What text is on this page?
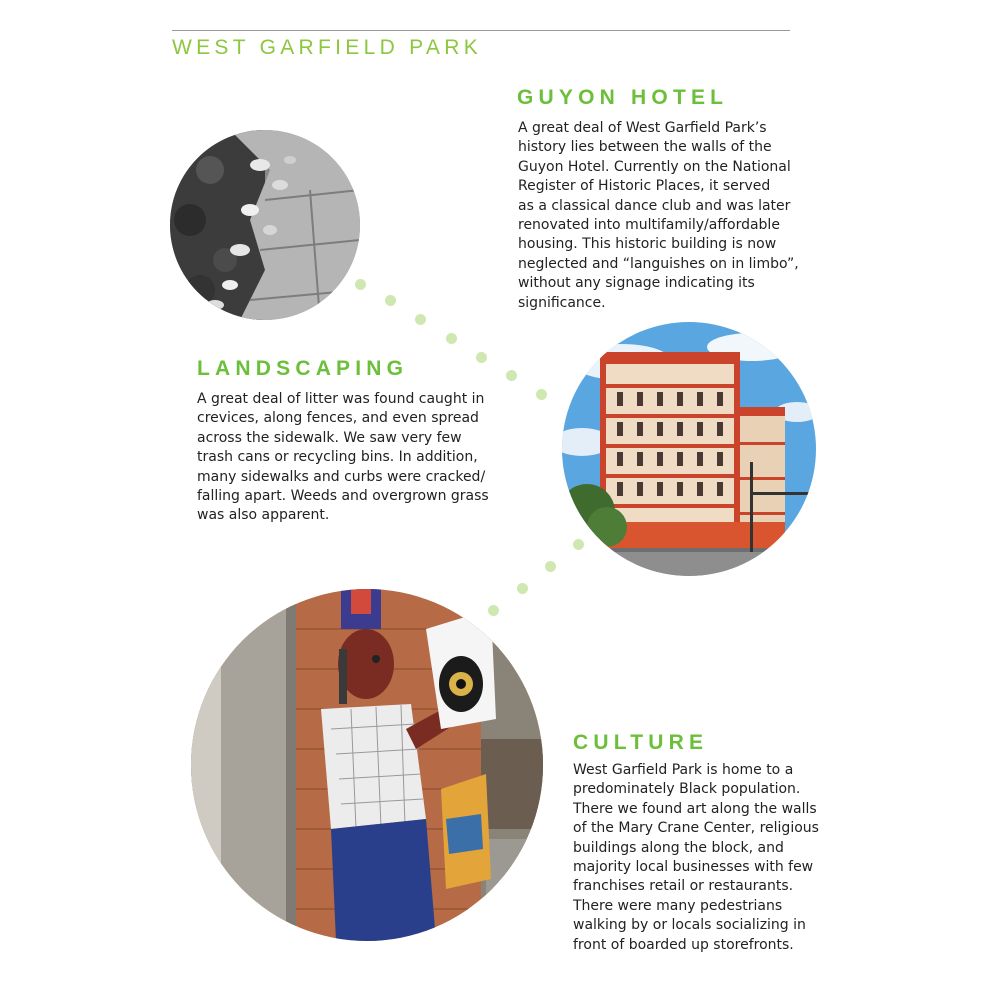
WEST GARFIELD PARK
GUYON HOTEL
A great deal of West Garfield Park’s
history lies between the walls of the
Guyon Hotel. Currently on the National
Register of Historic Places, it served
as a classical dance club and was later
renovated into multifamily/affordable
housing. This historic building is now
neglected and “languishes on in limbo”,
without any signage indicating its
significance.
LANDSCAPING
A great deal of litter was found caught in
crevices, along fences, and even spread
across the sidewalk. We saw very few
trash cans or recycling bins. In addition,
many sidewalks and curbs were cracked/
falling apart. Weeds and overgrown grass
was also apparent.
CULTURE
West Garfield Park is home to a
predominately Black population.
There we found art along the walls
of the Mary Crane Center, religious
buildings along the block, and
majority local businesses with few
franchises retail or restaurants.
There were many pedestrians
walking by or locals socializing in
front of boarded up storefronts.
